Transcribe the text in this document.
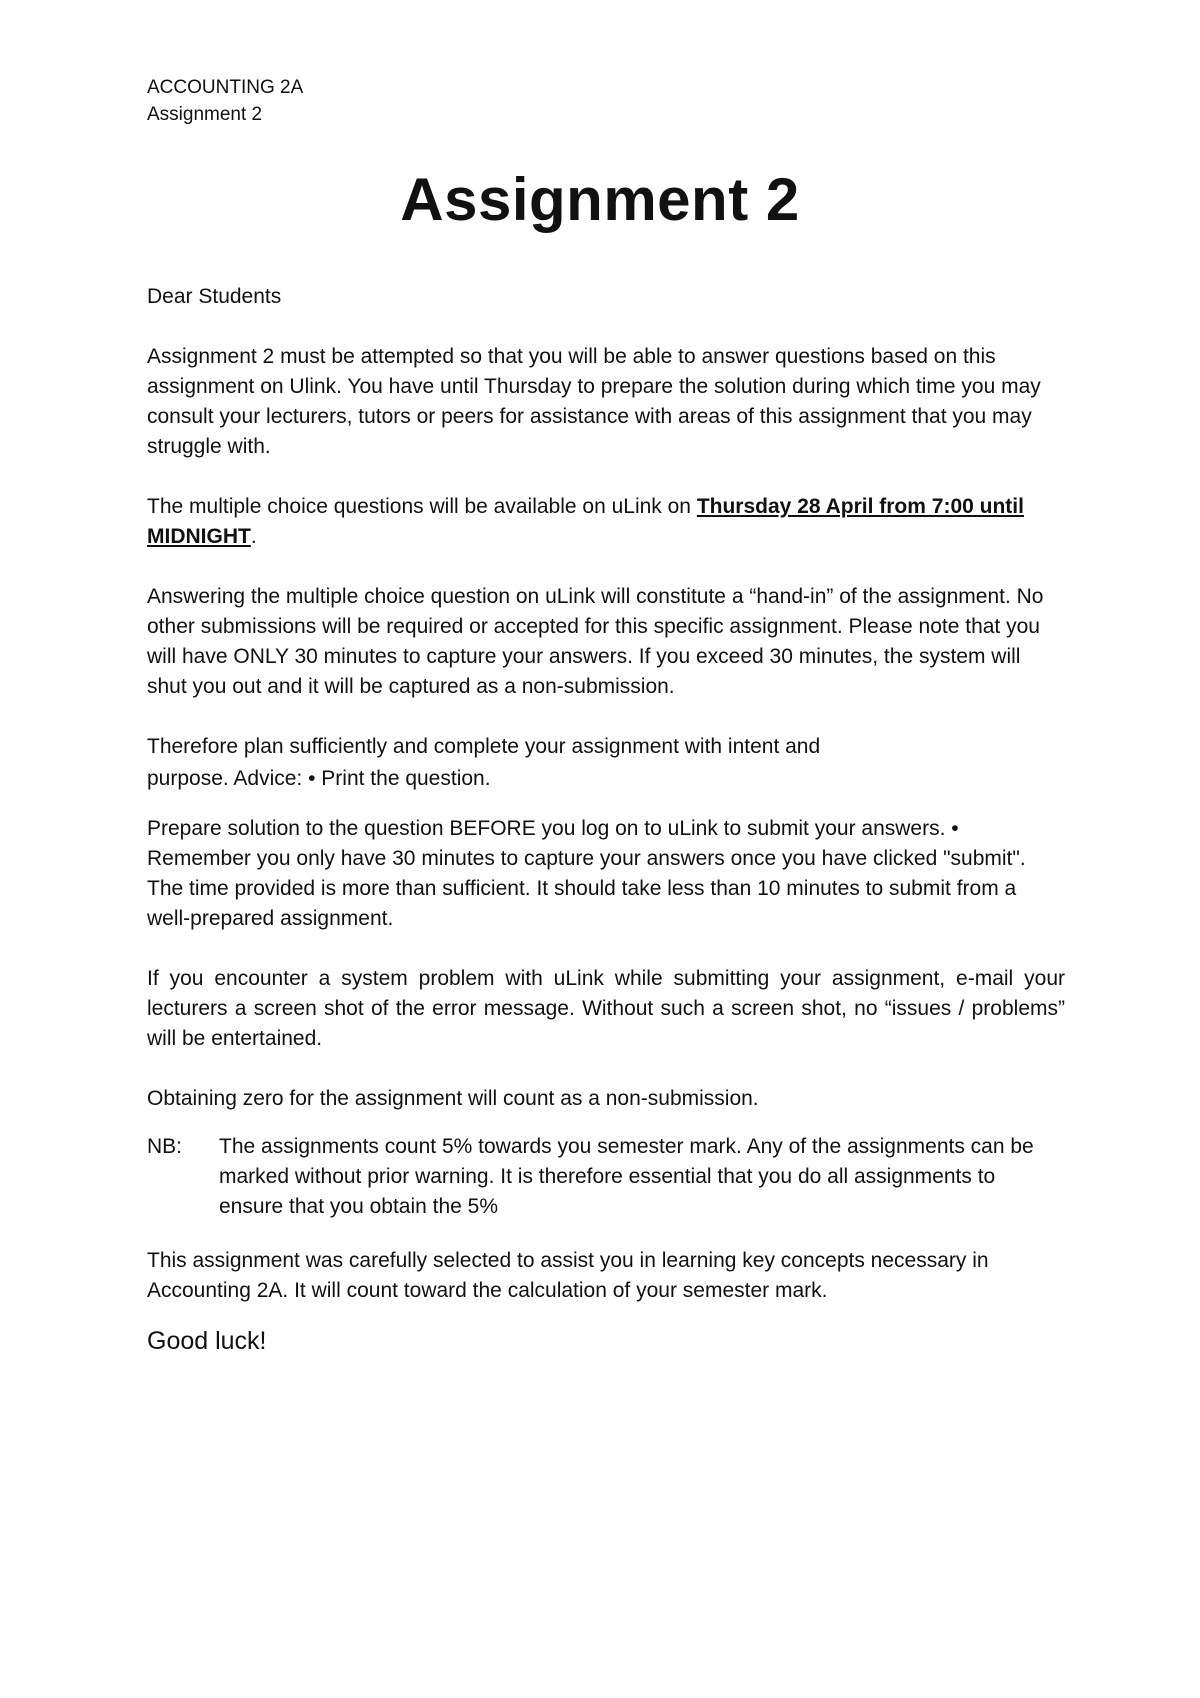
ACCOUNTING 2A
Assignment 2
Assignment 2

Dear Students

Assignment 2 must be attempted so that you will be able to answer questions based on this assignment on Ulink. You have until Thursday to prepare the solution during which time you may consult your lecturers, tutors or peers for assistance with areas of this assignment that you may struggle with.

The multiple choice questions will be available on uLink on Thursday 28 April from 7:00 until MIDNIGHT.

Answering the multiple choice question on uLink will constitute a “hand-in” of the assignment. No other submissions will be required or accepted for this specific assignment. Please note that you will have ONLY 30 minutes to capture your answers. If you exceed 30 minutes, the system will shut you out and it will be captured as a non-submission.

Therefore plan sufficiently and complete your assignment with intent and

purpose. Advice: • Print the question.

Prepare solution to the question BEFORE you log on to uLink to submit your answers. • Remember you only have 30 minutes to capture your answers once you have clicked "submit". The time provided is more than sufficient. It should take less than 10 minutes to submit from a well-prepared assignment.

If you encounter a system problem with uLink while submitting your assignment, e-mail your lecturers a screen shot of the error message. Without such a screen shot, no “issues / problems” will be entertained.

Obtaining zero for the assignment will count as a non-submission.

NB:	The assignments count 5% towards you semester mark. Any of the assignments can be marked without prior warning. It is therefore essential that you do all assignments to ensure that you obtain the 5%

This assignment was carefully selected to assist you in learning key concepts necessary in Accounting 2A. It will count toward the calculation of your semester mark.

Good luck!
